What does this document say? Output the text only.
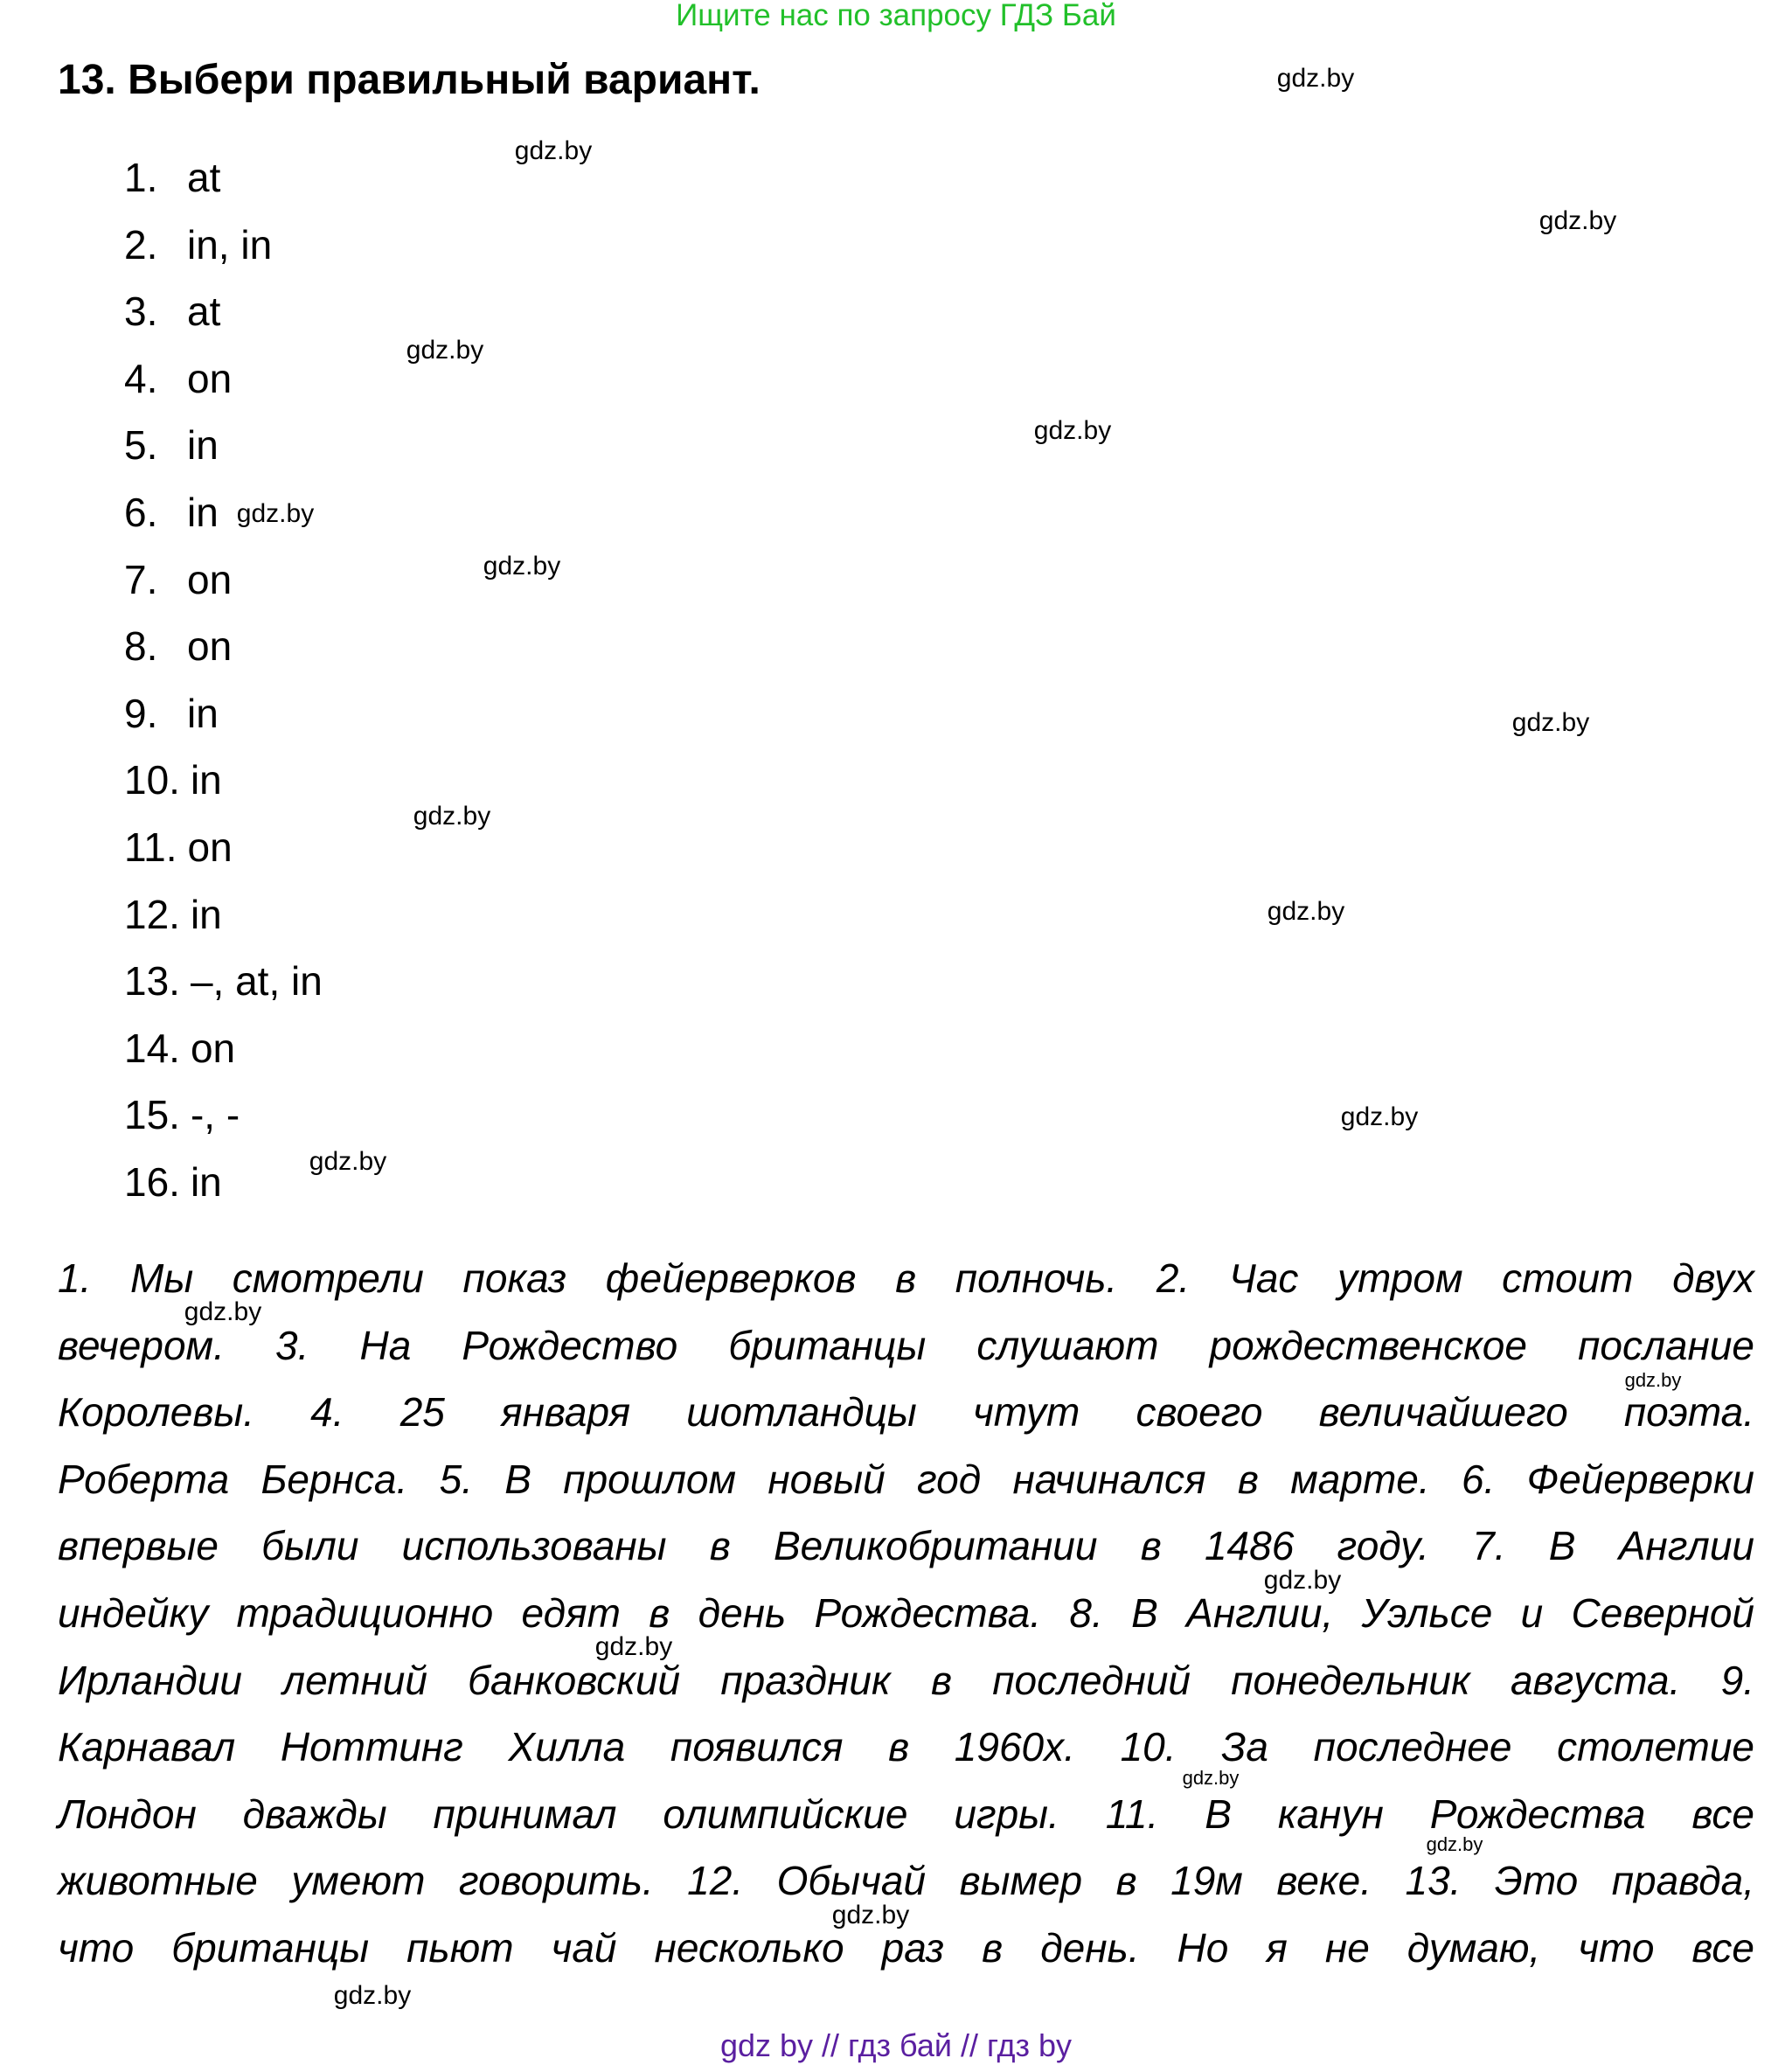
Ищите нас по запросу ГДЗ Бай
13. Выбери правильный вариант.
1. at
2. in, in
3. at
4. on
5. in
6. in
7. on
8. on
9. in
10. in
11. on
12. in
13. –, at, in
14. on
15. -, -
16. in
1. Мы смотрели показ фейерверков в полночь. 2. Час утром стоит двух
вечером. 3. На Рождество британцы слушают рождественское послание
Королевы. 4. 25 января шотландцы чтут своего величайшего поэта.
Роберта Бернса. 5. В прошлом новый год начинался в марте. 6. Фейерверки
впервые были использованы в Великобритании в 1486 году. 7. В Англии
индейку традиционно едят в день Рождества. 8. В Англии, Уэльсе и Северной
Ирландии летний банковский праздник в последний понедельник августа. 9.
Карнавал Ноттинг Хилла появился в 1960х. 10. За последнее столетие
Лондон дважды принимал олимпийские игры. 11. В канун Рождества все
животные умеют говорить. 12. Обычай вымер в 19м веке. 13. Это правда,
что британцы пьют чай несколько раз в день. Но я не думаю, что все
gdz.by
gdz.by
gdz.by
gdz.by
gdz.by
gdz.by
gdz.by
gdz.by
gdz.by
gdz.by
gdz.by
gdz.by
gdz.by
gdz.by
gdz.by
gdz.by
gdz.by
gdz.by
gdz.by
gdz.by
gdz by // гдз бай // гдз by
